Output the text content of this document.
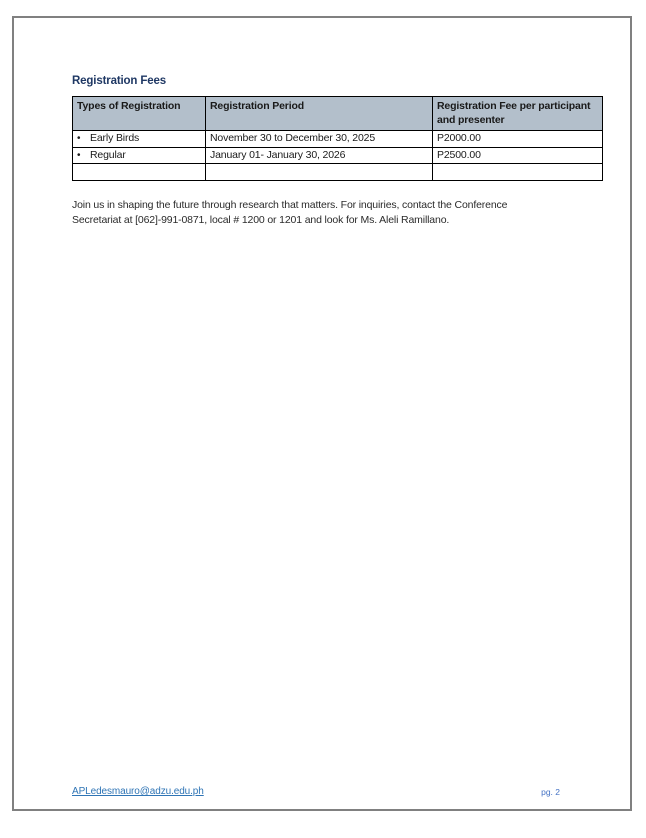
Registration Fees
Types of Registration	Registration Period	Registration Fee per participant and presenter
• Early Birds	November 30 to December 30, 2025	P2000.00
• Regular	January 01- January 30, 2026	P2500.00

Join us in shaping the future through research that matters. For inquiries, contact the Conference
Secretariat at [062]-991-0871, local # 1200 or 1201 and look for Ms. Aleli Ramillano.
APLedesmauro@adzu.edu.ph	pg. 2
